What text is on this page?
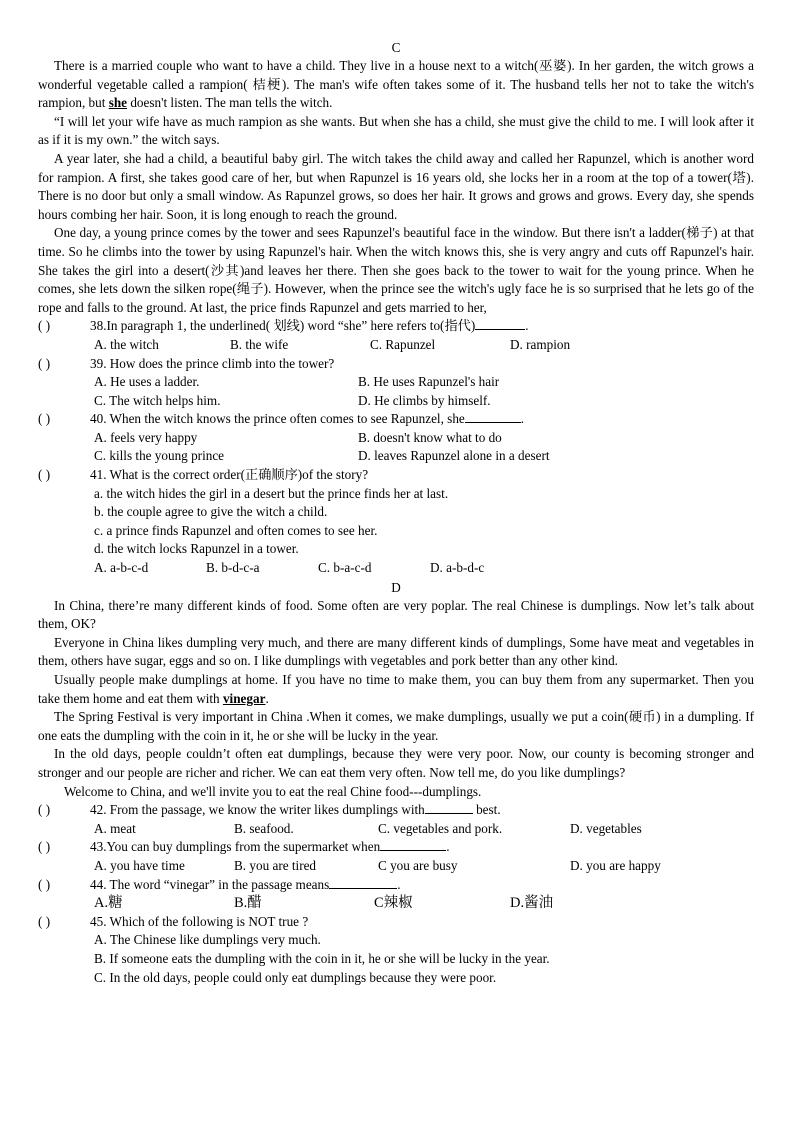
C

There is a married couple who want to have a child. They live in a house next to a witch(巫婆). In her garden, the witch grows a wonderful vegetable called a rampion( 桔梗). The man's wife often takes some of it. The husband tells her not to take the witch's rampion, but she doesn't listen. The man tells the witch.

“I will let your wife have as much rampion as she wants. But when she has a child, she must give the child to me. I will look after it as if it is my own.” the witch says.

A year later, she had a child, a beautiful baby girl. The witch takes the child away and called her Rapunzel, which is another word for rampion. A first, she takes good care of her, but when Rapunzel is 16 years old, she locks her in a room at the top of a tower(塔). There is no door but only a small window. As Rapunzel grows, so does her hair. It grows and grows and grows. Every day, she spends hours combing her hair. Soon, it is long enough to reach the ground.

One day, a young prince comes by the tower and sees Rapunzel's beautiful face in the window. But there isn't a ladder(梯子) at that time. So he climbs into the tower by using Rapunzel's hair. When the witch knows this, she is very angry and cuts off Rapunzel's hair. She takes the girl into a desert(沙其)and leaves her there. Then she goes back to the tower to wait for the young prince. When he comes, she lets down the silken rope(绳子). However, when the prince see the witch's ugly face he is so surprised that he lets go of the rope and falls to the ground. At last, the price finds Rapunzel and gets married to her,

( )	38.In paragraph 1, the underlined( 划线) word “she” here refers to(指代)	.
A. the witch	B. the wife	C. Rapunzel	D. rampion
( )	39. How does the prince climb into the tower?
A. He uses a ladder.	B. He uses Rapunzel's hair
C. The witch helps him.	D. He climbs by himself.
( )	40. When the witch knows the prince often comes to see Rapunzel, she	.
A. feels very happy	B. doesn't know what to do
C. kills the young prince	D. leaves Rapunzel alone in a desert
( )	41. What is the correct order(正确顺序)of the story?
a. the witch hides the girl in a desert but the prince finds her at last.
b. the couple agree to give the witch a child.
c. a prince finds Rapunzel and often comes to see her.
d. the witch locks Rapunzel in a tower.
A. a-b-c-d	B. b-d-c-a	C. b-a-c-d	D. a-b-d-c
D

In China, there’re many different kinds of food. Some often are very poplar. The real Chinese is dumplings. Now let’s talk about them, OK?

Everyone in China likes dumpling very much, and there are many different kinds of dumplings, Some have meat and vegetables in them, others have sugar, eggs and so on. I like dumplings with vegetables and pork better than any other kind.

Usually people make dumplings at home. If you have no time to make them, you can buy them from any supermarket. Then you take them home and eat them with vinegar.

The Spring Festival is very important in China .When it comes, we make dumplings, usually we put a coin(硬币) in a dumpling. If one eats the dumpling with the coin in it, he or she will be lucky in the year.

In the old days, people couldn’t often eat dumplings, because they were very poor. Now, our county is becoming stronger and stronger and our people are richer and richer. We can eat them very often. Now tell me, do you like dumplings?

Welcome to China, and we'll invite you to eat the real Chine food---dumplings.

( )	42. From the passage, we know the writer likes dumplings with	best.
A. meat	B. seafood.	C. vegetables and pork.	D. vegetables
( )	43.You can buy dumplings from the supermarket when	.
A. you have time	B. you are tired	C you are busy	D. you are happy
( )	44. The word “vinegar” in the passage means	.
A.糖	B.醋	C辣椒	D.酱油
( )	45. Which of the following is NOT true ?
A. The Chinese like dumplings very much.
B. If someone eats the dumpling with the coin in it, he or she will be lucky in the year.
C. In the old days, people could only eat dumplings because they were poor.
